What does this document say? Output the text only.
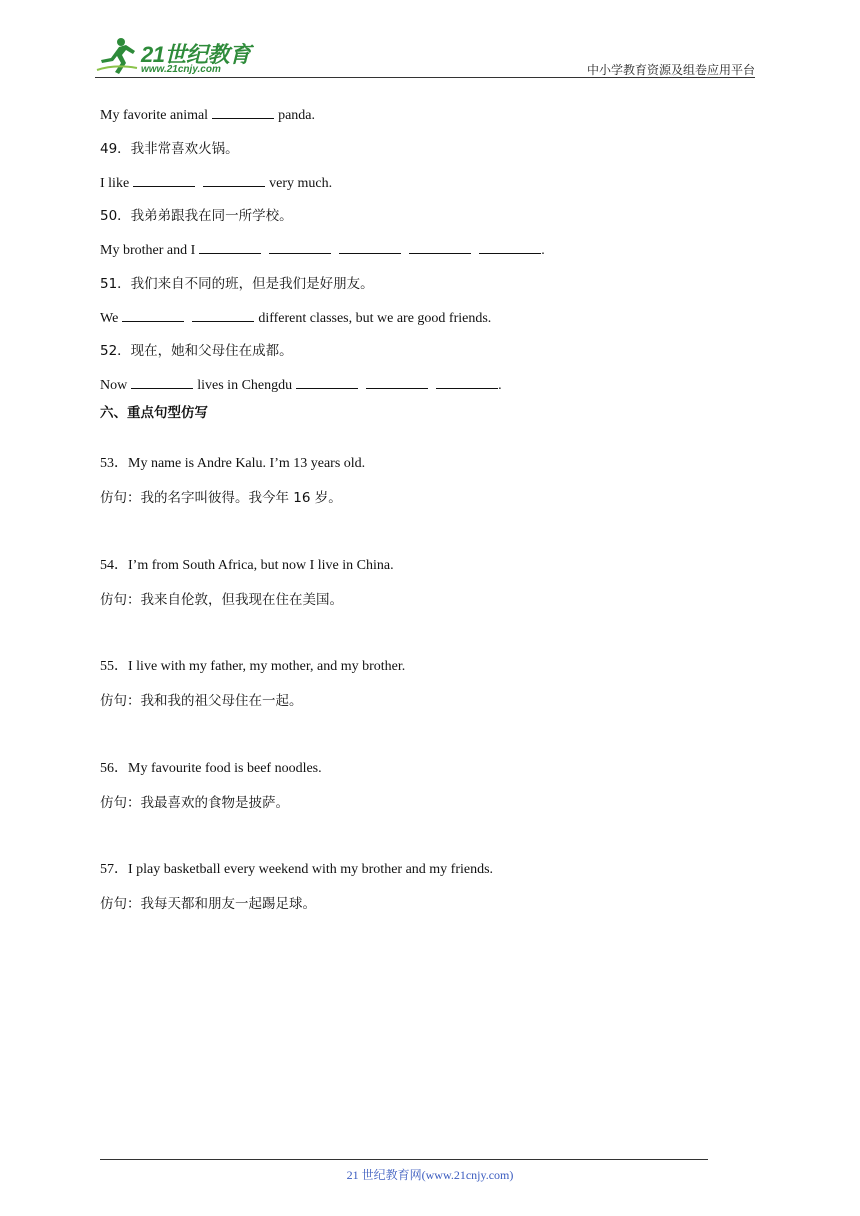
21世纪教育
www.21cnjy.com	中小学教育资源及组卷应用平台
My favorite animal	panda.
49．我非常喜欢火锅。
I like	very much.
50．我弟弟跟我在同一所学校。
My brother and I	.
51．我们来自不同的班，但是我们是好朋友。
We	different classes, but we are good friends.
52．现在，她和父母住在成都。
Now	lives in Chengdu	.
六、重点句型仿写
53．My name is Andre Kalu. I’m 13 years old.
仿句：我的名字叫彼得。我今年 16 岁。
54．I’m from South Africa, but now I live in China.
仿句：我来自伦敦，但我现在住在美国。
55．I live with my father, my mother, and my brother.
仿句：我和我的祖父母住在一起。
56．My favourite food is beef noodles.
仿句：我最喜欢的食物是披萨。
57．I play basketball every weekend with my brother and my friends.
仿句：我每天都和朋友一起踢足球。
21 世纪教育网(www.21cnjy.com)
